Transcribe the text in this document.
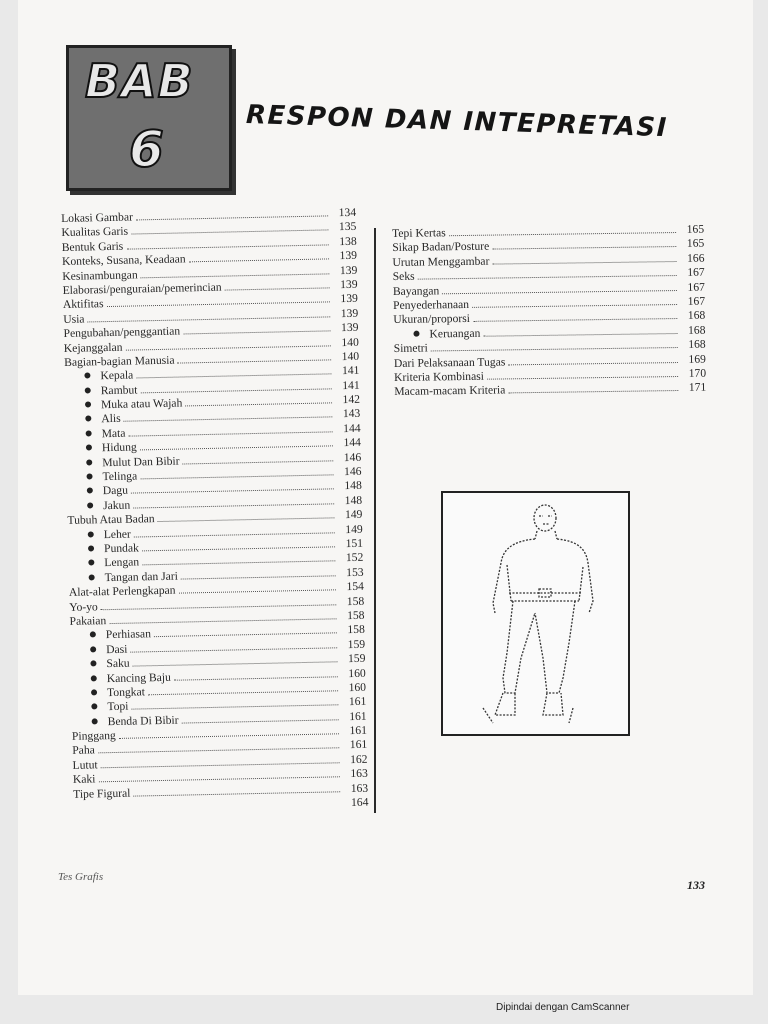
BAB
6	RESPON DAN INTEPRETASI
Lokasi Gambar	134
Kualitas Garis	135
Bentuk Garis	138
Konteks, Susana, Keadaan	139
Kesinambungan	139
Elaborasi/penguraian/pemerincian	139
Aktifitas	139
Usia	139
Pengubahan/penggantian	139
Kejanggalan	140
Bagian-bagian Manusia	140
Kepala	141
Rambut	141
Muka atau Wajah	142
Alis	143
Mata	144
Hidung	144
Mulut Dan Bibir	146
Telinga	146
Dagu	148
Jakun	148
Tubuh Atau Badan	149
Leher	149
Pundak	151
Lengan	152
Tangan dan Jari	153
Alat-alat Perlengkapan	154
Yo-yo	158
Pakaian	158
Perhiasan	158
Dasi	159
Saku	159
Kancing Baju	160
Tongkat	160
Topi	161
Benda Di Bibir	161
Pinggang	161
Paha	161
Lutut	162
Kaki	163
Tipe Figural	163
164
Tepi Kertas	165
Sikap Badan/Posture	165
Urutan Menggambar	166
Seks	167
Bayangan	167
Penyederhanaan	167
Ukuran/proporsi	168
Keruangan	168
Simetri	168
Dari Pelaksanaan Tugas	169
Kriteria Kombinasi	170
Macam-macam Kriteria	171
Tes Grafis
133
Dipindai dengan CamScanner
